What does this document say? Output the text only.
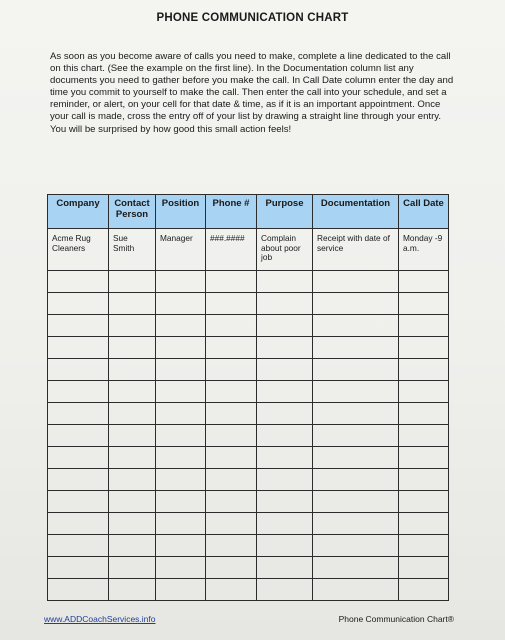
PHONE COMMUNICATION CHART

As soon as you become aware of calls you need to make, complete a line dedicated to the call on this chart. (See the example on the first line). In the Documentation column list any documents you need to gather before you make the call. In Call Date column enter the day and time you commit to yourself to make the call. Then enter the call into your schedule, and set a reminder, or alert, on your cell for that date & time, as if it is an important appointment. Once your call is made, cross the entry off of your list by drawing a straight line through your entry. You will be surprised by how good this small action feels!

Company	Contact Person	Position	Phone #	Purpose	Documentation	Call Date
Acme Rug Cleaners	Sue Smith	Manager	###.####	Complain about poor job	Receipt with date of service	Monday -9 a.m.

www.ADDCoachServices.info	Phone Communication Chart®
